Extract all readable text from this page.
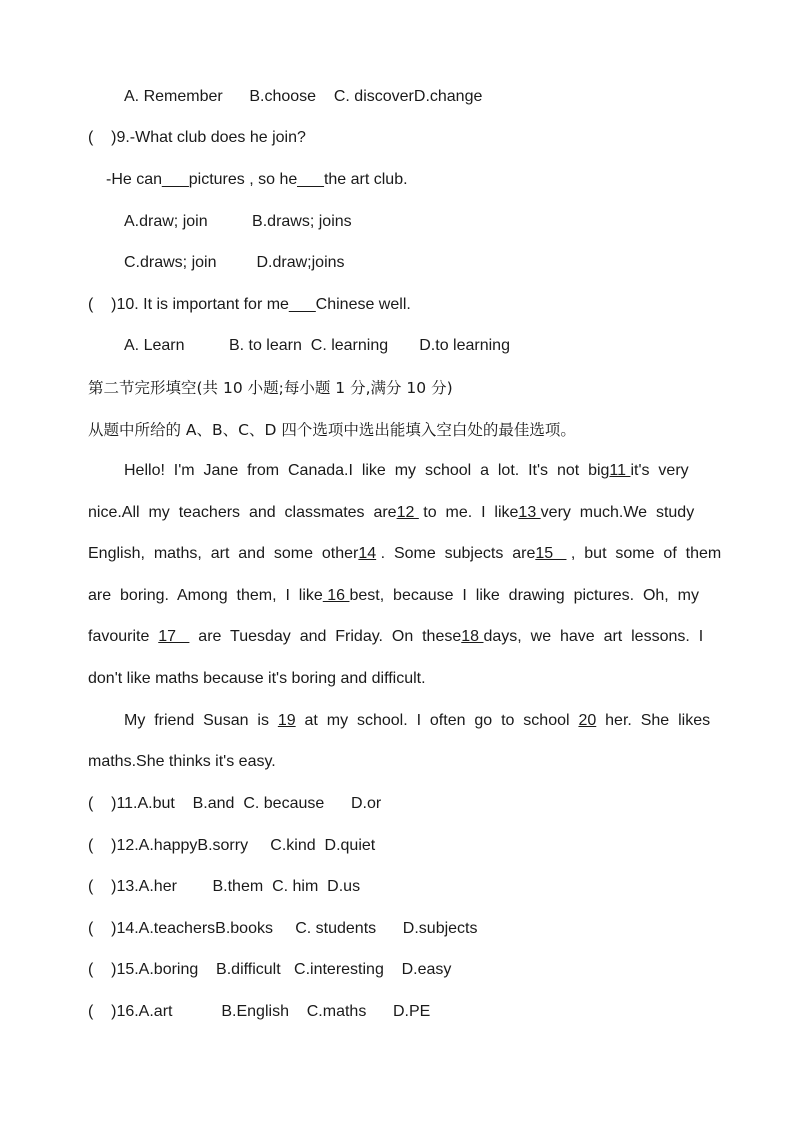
A. Remember      B.choose    C. discoverD.change
(    )9.-What club does he join?
-He can___pictures , so he___the art club.
A.draw; join          B.draws; joins
C.draws; join         D.draw;joins
(    )10. It is important for me___Chinese well.
A. Learn          B. to learn  C. learning       D.to learning
第二节完形填空(共 10 小题;每小题 1 分,满分 10 分)
从题中所给的 A、B、C、D 四个选项中选出能填入空白处的最佳选项。
Hello!  I'm  Jane  from  Canada.I  like  my  school  a  lot.  It's  not  big11 it's  very
nice.All  my  teachers  and  classmates  are12  to  me.  I  like13 very  much.We  study
English,  maths,  art  and  some  other14 .  Some  subjects  are15    ,  but  some  of  them
are  boring.  Among  them,  I  like 16 best,  because  I  like  drawing  pictures.  Oh,  my
favourite  17     are  Tuesday  and  Friday.  On  these18 days,  we  have  art  lessons.  I
don't like maths because it's boring and difficult.
My  friend  Susan  is  19  at  my  school.  I  often  go  to  school  20  her.  She  likes
maths.She thinks it's easy.
(    )11.A.but    B.and  C. because      D.or
(    )12.A.happyB.sorry     C.kind  D.quiet
(    )13.A.her        B.them  C. him  D.us
(    )14.A.teachersB.books     C. students      D.subjects
(    )15.A.boring    B.difficult   C.interesting    D.easy
(    )16.A.art           B.English    C.maths      D.PE
